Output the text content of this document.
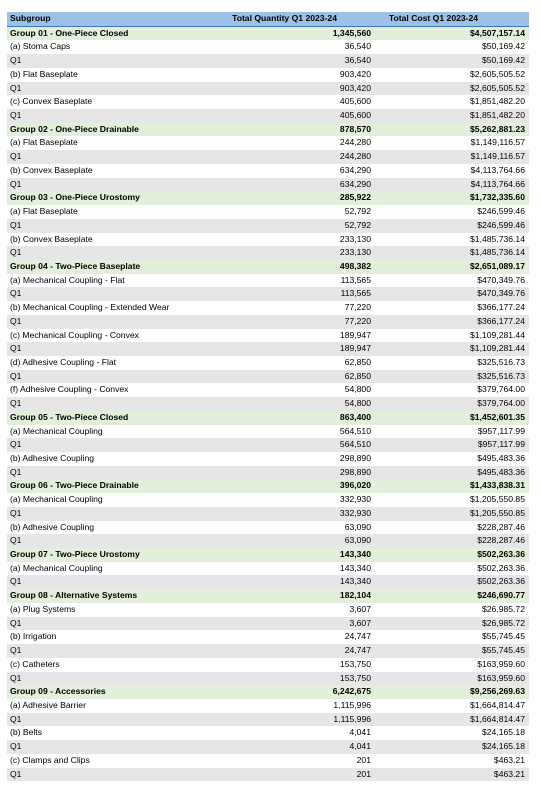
Subgroup	Total Quantity Q1 2023-24	Total Cost Q1 2023-24
Group 01 - One-Piece Closed	1,345,560	$4,507,157.14
(a) Stoma Caps	36,540	$50,169.42
Q1	36,540	$50,169.42
(b) Flat Baseplate	903,420	$2,605,505.52
Q1	903,420	$2,605,505.52
(c) Convex Baseplate	405,600	$1,851,482.20
Q1	405,600	$1,851,482.20
Group 02 - One-Piece Drainable	878,570	$5,262,881.23
(a) Flat Baseplate	244,280	$1,149,116.57
Q1	244,280	$1,149,116.57
(b) Convex Baseplate	634,290	$4,113,764.66
Q1	634,290	$4,113,764.66
Group 03 - One-Piece Urostomy	285,922	$1,732,335.60
(a) Flat Baseplate	52,792	$246,599.46
Q1	52,792	$246,599.46
(b) Convex Baseplate	233,130	$1,485,736.14
Q1	233,130	$1,485,736.14
Group 04 - Two-Piece Baseplate	498,382	$2,651,089.17
(a) Mechanical Coupling - Flat	113,565	$470,349.76
Q1	113,565	$470,349.76
(b) Mechanical Coupling - Extended Wear	77,220	$366,177.24
Q1	77,220	$366,177.24
(c) Mechanical Coupling - Convex	189,947	$1,109,281.44
Q1	189,947	$1,109,281.44
(d) Adhesive Coupling - Flat	62,850	$325,516.73
Q1	62,850	$325,516.73
(f) Adhesive Coupling - Convex	54,800	$379,764.00
Q1	54,800	$379,764.00
Group 05 - Two-Piece Closed	863,400	$1,452,601.35
(a) Mechanical Coupling	564,510	$957,117.99
Q1	564,510	$957,117.99
(b) Adhesive Coupling	298,890	$495,483.36
Q1	298,890	$495,483.36
Group 06 - Two-Piece Drainable	396,020	$1,433,838.31
(a) Mechanical Coupling	332,930	$1,205,550.85
Q1	332,930	$1,205,550.85
(b) Adhesive Coupling	63,090	$228,287.46
Q1	63,090	$228,287.46
Group 07 - Two-Piece Urostomy	143,340	$502,263.36
(a) Mechanical Coupling	143,340	$502,263.36
Q1	143,340	$502,263.36
Group 08 - Alternative Systems	182,104	$246,690.77
(a) Plug Systems	3,607	$26,985.72
Q1	3,607	$26,985.72
(b) Irrigation	24,747	$55,745.45
Q1	24,747	$55,745.45
(c) Catheters	153,750	$163,959.60
Q1	153,750	$163,959.60
Group 09 - Accessories	6,242,675	$9,256,269.63
(a) Adhesive Barrier	1,115,996	$1,664,814.47
Q1	1,115,996	$1,664,814.47
(b) Belts	4,041	$24,165.18
Q1	4,041	$24,165.18
(c) Clamps and Clips	201	$463.21
Q1	201	$463.21
